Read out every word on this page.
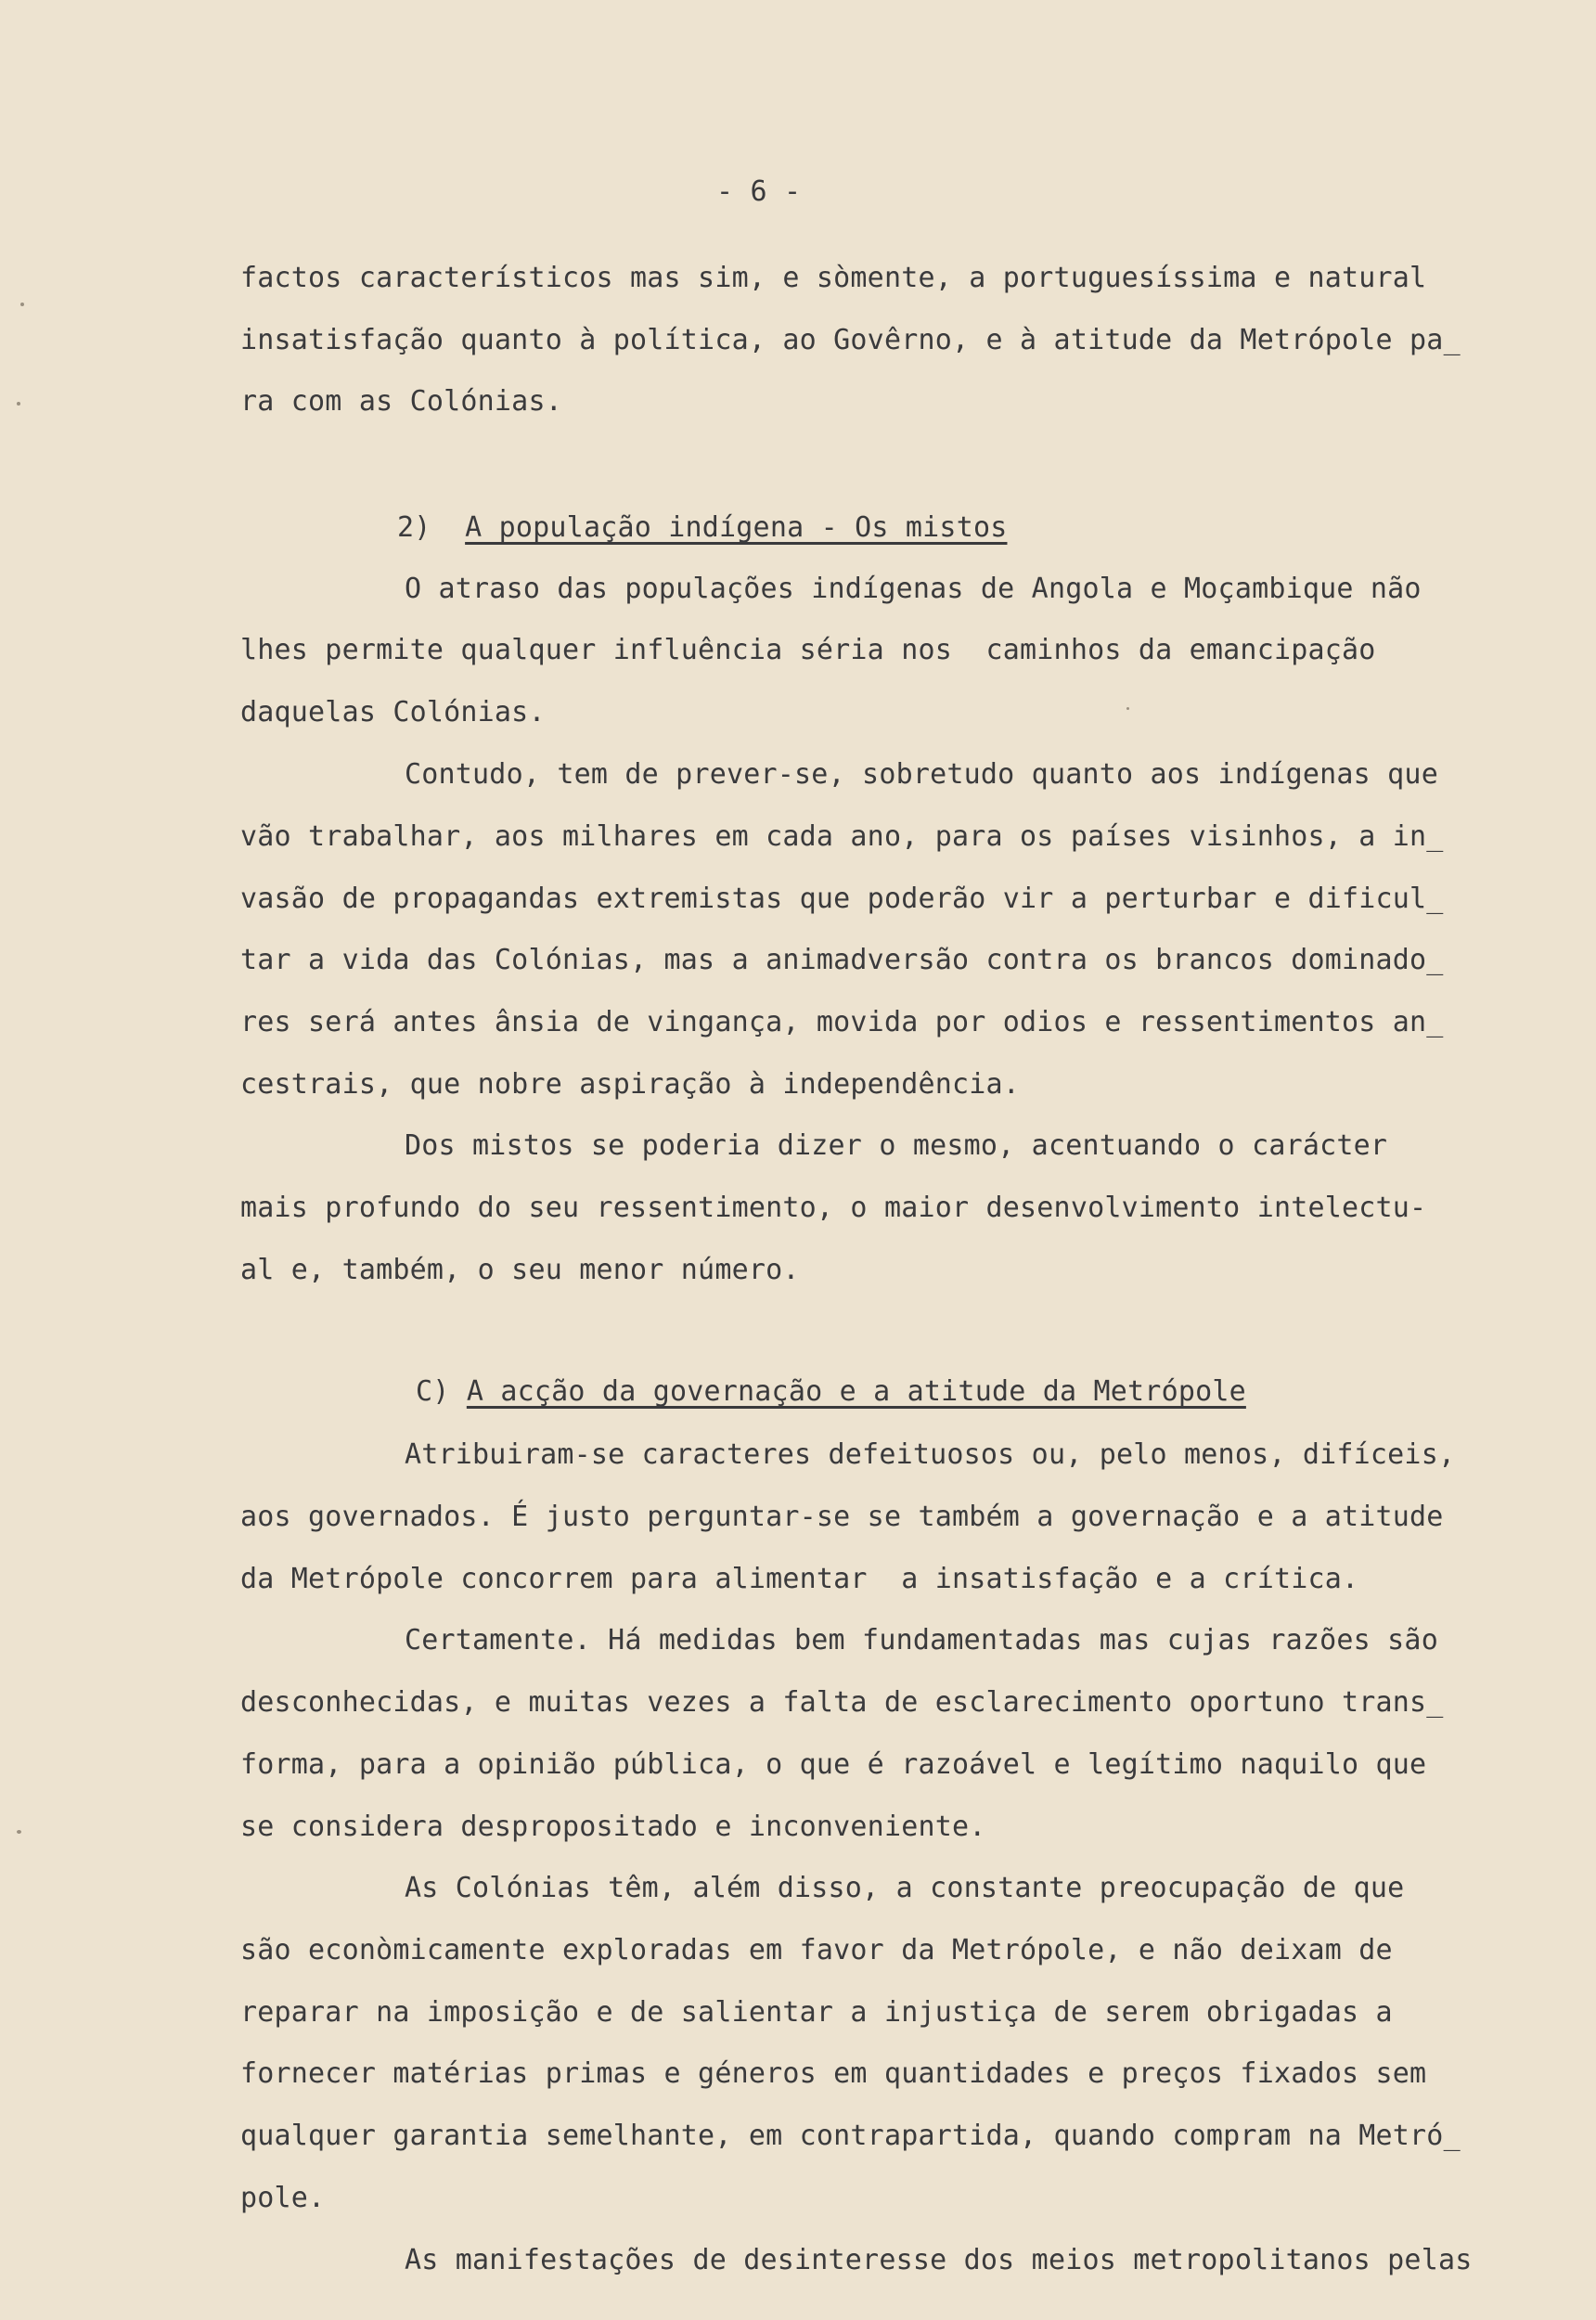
- 6 -
factos característicos mas sim, e sòmente, a portuguesíssima e natural
insatisfação quanto à política, ao Govêrno, e à atitude da Metrópole pa_
ra com as Colónias.

2) A população indígena - Os mistos

O atraso das populações indígenas de Angola e Moçambique não
lhes permite qualquer influência séria nos  caminhos da emancipação
daquelas Colónias.
Contudo, tem de prever-se, sobretudo quanto aos indígenas que
vão trabalhar, aos milhares em cada ano, para os países visinhos, a in_
vasão de propagandas extremistas que poderão vir a perturbar e dificul_
tar a vida das Colónias, mas a animadversão contra os brancos dominado_
res será antes ânsia de vingança, movida por odios e ressentimentos an_
cestrais, que nobre aspiração à independência.
Dos mistos se poderia dizer o mesmo, acentuando o carácter
mais profundo do seu ressentimento, o maior desenvolvimento intelectu-
al e, também, o seu menor número.

C) A acção da governação e a atitude da Metrópole

Atribuiram-se caracteres defeituosos ou, pelo menos, difíceis,
aos governados. É justo perguntar-se se também a governação e a atitude
da Metrópole concorrem para alimentar  a insatisfação e a crítica.
Certamente. Há medidas bem fundamentadas mas cujas razões são
desconhecidas, e muitas vezes a falta de esclarecimento oportuno trans_
forma, para a opinião pública, o que é razoável e legítimo naquilo que
se considera despropositado e inconveniente.
As Colónias têm, além disso, a constante preocupação de que
são econòmicamente exploradas em favor da Metrópole, e não deixam de
reparar na imposição e de salientar a injustiça de serem obrigadas a
fornecer matérias primas e géneros em quantidades e preços fixados sem
qualquer garantia semelhante, em contrapartida, quando compram na Metró_
pole.
As manifestações de desinteresse dos meios metropolitanos pelas
